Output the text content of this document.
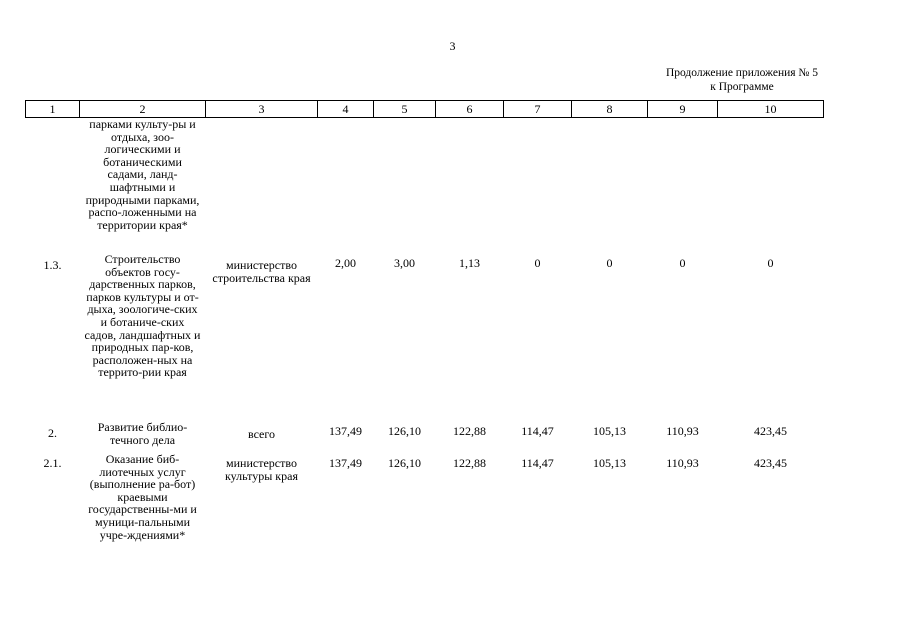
3
Продолжение приложения № 5
к Программе
1	2	3	4	5	6	7	8	9	10
	парками культу-ры и отдыха, зоо-логическими и ботаническими садами, ланд-шафтными и природными парками, распо-ложенными на территории края*								
1.3.	Строительство объектов госу-дарственных парков, парков культуры и от-дыха, зоологиче-ских и ботаниче-ских садов, ландшафтных и природных пар-ков, расположен-ных на террито-рии края	министерство строительства края	2,00	3,00	1,13	0	0	0	0
2.	Развитие библио-течного дела	всего	137,49	126,10	122,88	114,47	105,13	110,93	423,45
2.1.	Оказание биб-лиотечных услуг (выполнение ра-бот) краевыми государственны-ми и муници-пальными учре-ждениями*	министерство культуры края	137,49	126,10	122,88	114,47	105,13	110,93	423,45
